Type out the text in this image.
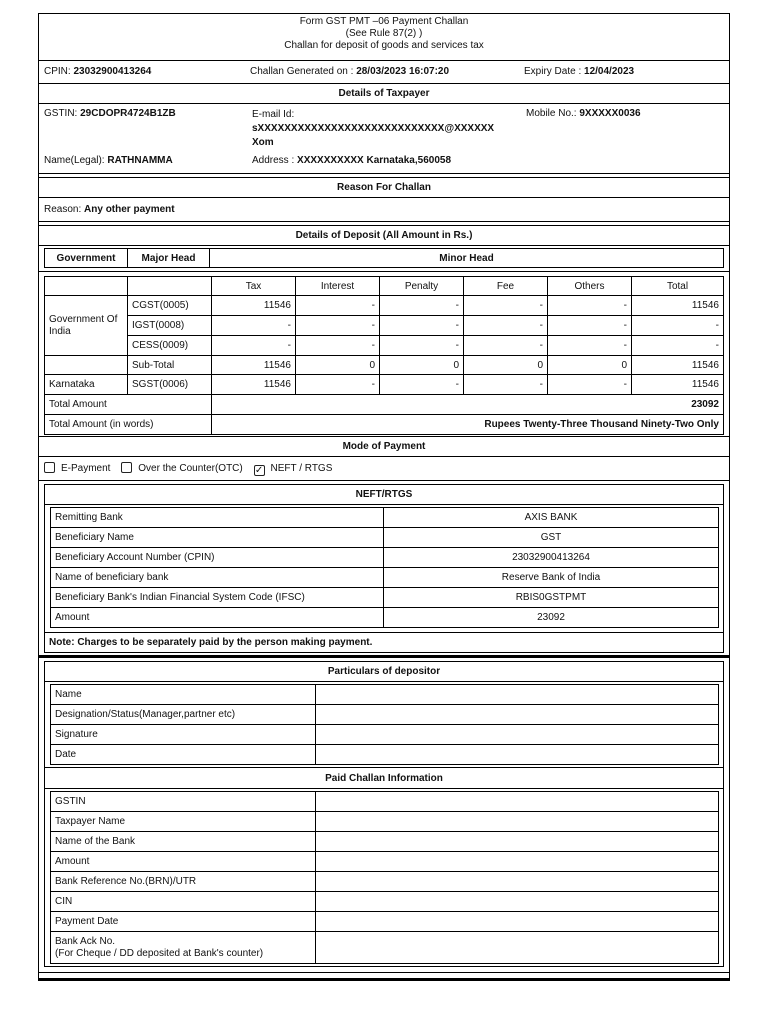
Form GST PMT –06 Payment Challan
(See Rule 87(2) )
Challan for deposit of goods and services tax
CPIN: 23032900413264	Challan Generated on : 28/03/2023 16:07:20	Expiry Date : 12/04/2023
Details of Taxpayer
GSTIN: 29CDOPR4724B1ZB	E-mail Id:
sXXXXXXXXXXXXXXXXXXXXXXXXXXXX@XXXXXX
Xom
Mobile No.: 9XXXXX0036
Name(Legal): RATHNAMMA	Address : XXXXXXXXXX Karnataka,560058
Reason For Challan
Reason: Any other payment
Details of Deposit (All Amount in Rs.)
Government	Major Head	Minor Head
		Tax	Interest	Penalty	Fee	Others	Total
Government Of India	CGST(0005)	11546	-	-	-	-	11546
	IGST(0008)	-	-	-	-	-	-
	CESS(0009)	-	-	-	-	-	-
	Sub-Total	11546	0	0	0	0	11546
Karnataka	SGST(0006)	11546	-	-	-	-	11546
Total Amount		23092					
Total Amount (in words)		Rupees Twenty-Three Thousand Ninety-Two Only					
Mode of Payment
E-Payment	Over the Counter(OTC) ✓ NEFT / RTGS
NEFT/RTGS
Remitting Bank	AXIS BANK
Beneficiary Name	GST
Beneficiary Account Number (CPIN)	23032900413264
Name of beneficiary bank	Reserve Bank of India
Beneficiary Bank's Indian Financial System Code (IFSC)	RBIS0GSTPMT
Amount	23092
Note: Charges to be separately paid by the person making payment.
Particulars of depositor
Name	
Designation/Status(Manager,partner etc)	
Signature	
Date	
Paid Challan Information
GSTIN	
Taxpayer Name	
Name of the Bank	
Amount	
Bank Reference No.(BRN)/UTR	
CIN	
Payment Date	

Bank Ack No.
(For Cheque / DD deposited at Bank's counter)	
